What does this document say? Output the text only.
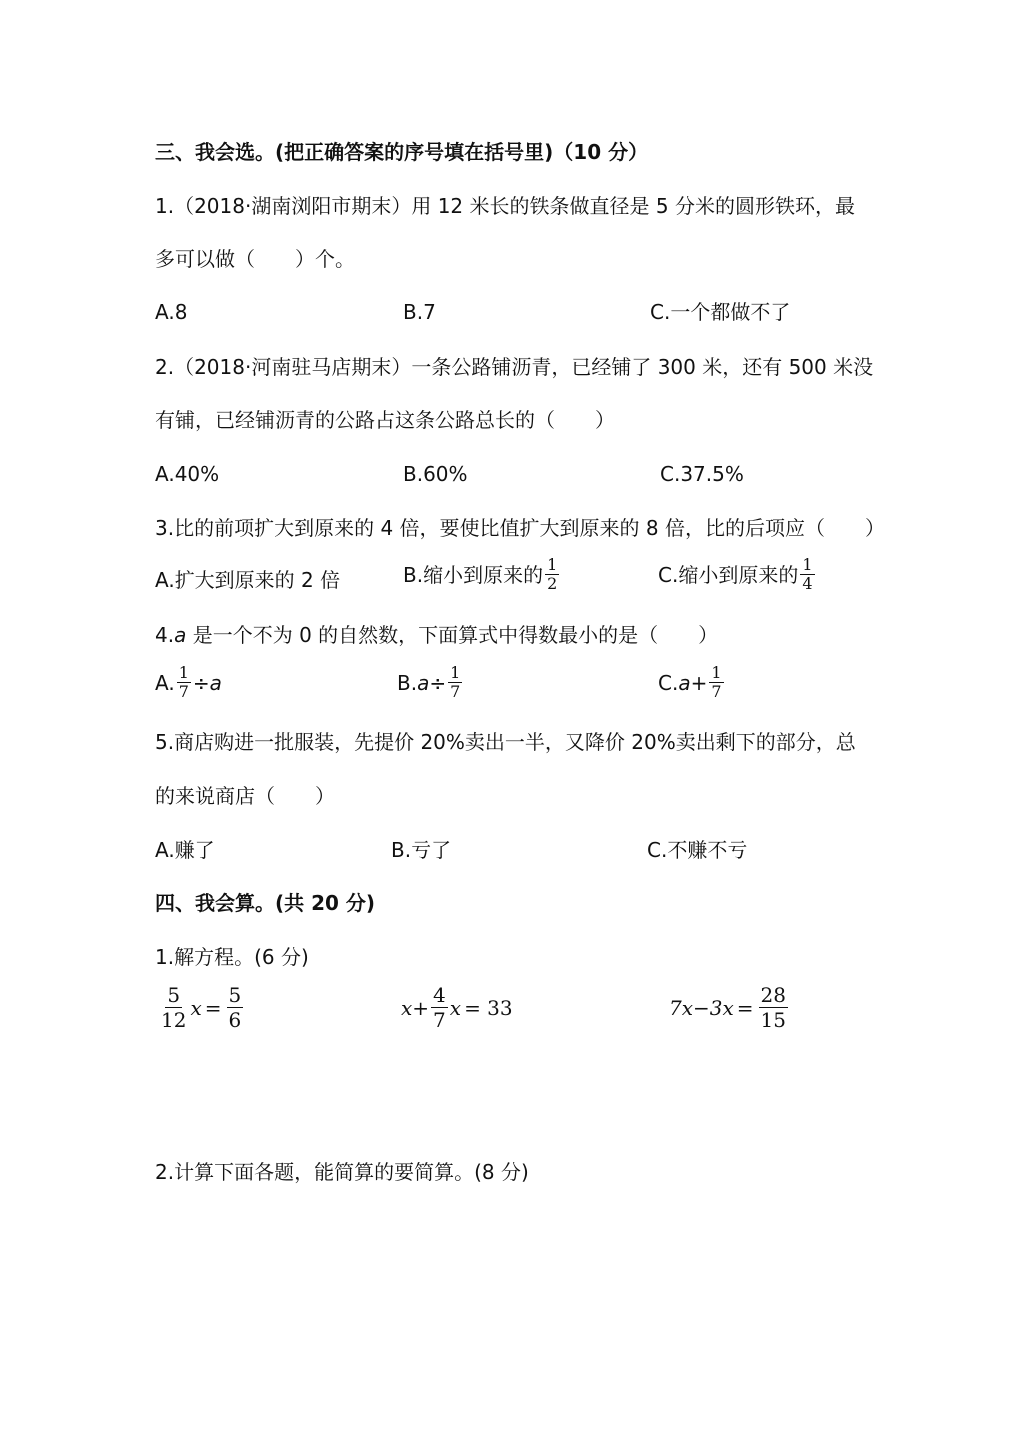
三、我会选。(把正确答案的序号填在括号里)（10 分）
1.（2018·湖南浏阳市期末）用 12 米长的铁条做直径是 5 分米的圆形铁环，最
多可以做（　　）个。
A.8	B.7	C.一个都做不了
2.（2018·河南驻马店期末）一条公路铺沥青，已经铺了 300 米，还有 500 米没
有铺，已经铺沥青的公路占这条公路总长的（　　）
A.40%	B.60%	C.37.5%
3.比的前项扩大到原来的 4 倍，要使比值扩大到原来的 8 倍，比的后项应（　　）
A.扩大到原来的 2 倍	B.缩小到原来的 $\frac{1}{2}$	C.缩小到原来的 $\frac{1}{4}$
4.a 是一个不为 0 的自然数，下面算式中得数最小的是（　　）
A. $\frac{1}{7} \div a$	B. $a \div \frac{1}{7}$	C. $a + \frac{1}{7}$
5.商店购进一批服装，先提价 20%卖出一半，又降价 20%卖出剩下的部分，总
的来说商店（　　）
A.赚了	B.亏了	C.不赚不亏
四、我会算。(共 20 分)
1.解方程。(6 分)
$\frac{5}{12}$ $x = \frac{5}{6}$	$x + \frac{4}{7}$ x = 33	$7x-3x = \frac{28}{15}$
2.计算下面各题，能简算的要简算。(8 分)
